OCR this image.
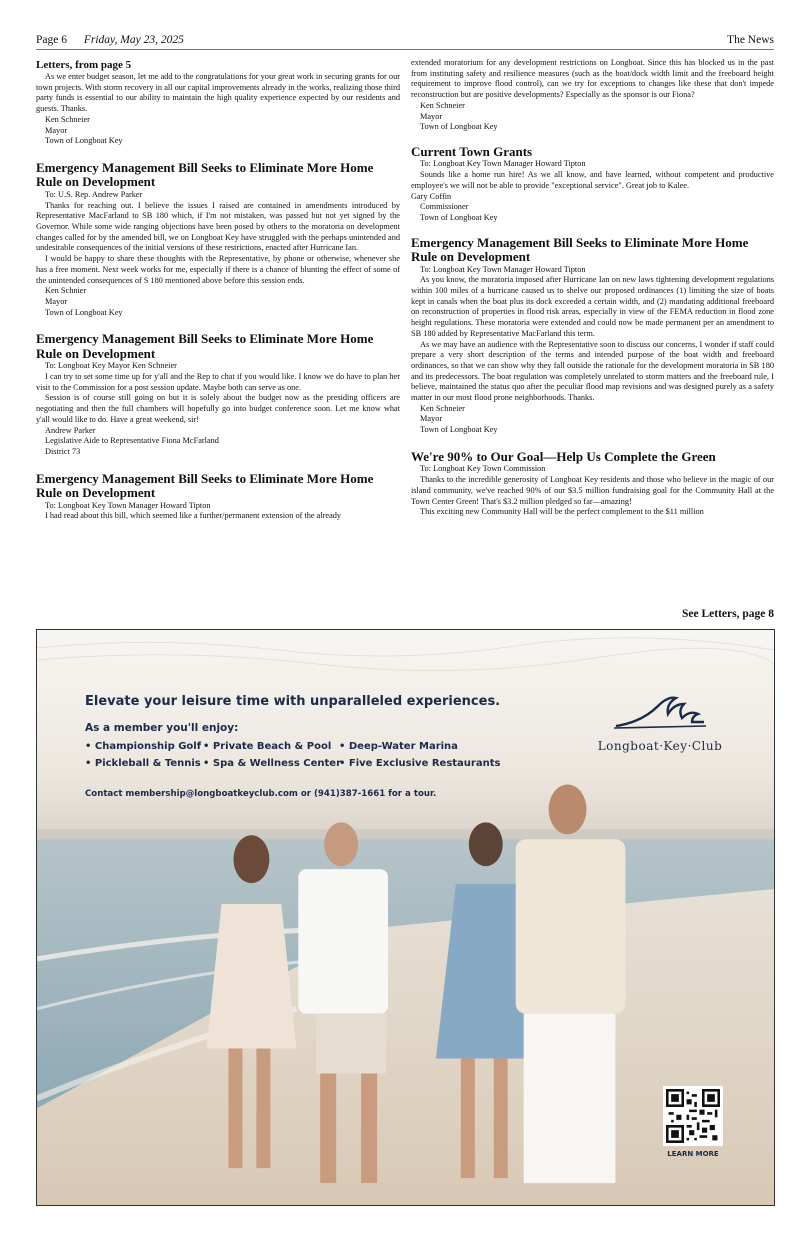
Page 6 Friday, May 23, 2025	The News
Letters, from page 5

As we enter budget season, let me add to the congratulations for your great work in securing grants for our town projects. With storm recovery in all our capital improvements already in the works, realizing those third party funds is essential to our ability to maintain the high quality experience expected by our residents and guests. Thanks.

Ken Schneier

Mayor

Town of Longboat Key

Emergency Management Bill Seeks to Eliminate More Home Rule on Development

To: U.S. Rep. Andrew Parker

Thanks for reaching out. I believe the issues I raised are contained in amendments introduced by Representative MacFarland to SB 180 which, if I'm not mistaken, was passed but not yet signed by the Governor. While some wide ranging objections have been posed by others to the moratoria on development changes called for by the amended bill, we on Longboat Key have struggled with the perhaps unintended and undesirable consequences of the initial versions of these restrictions, enacted after Hurricane Ian.

I would be happy to share these thoughts with the Representative, by phone or otherwise, whenever she has a free moment. Next week works for me, especially if there is a chance of blunting the effect of some of the unintended consequences of S 180 mentioned above before this session ends.

Ken Schnier

Mayor

Town of Longboat Key

Emergency Management Bill Seeks to Eliminate More Home Rule on Development

To: Longboat Key Mayor Ken Schneier

I can try to set some time up for y'all and the Rep to chat if you would like. I know we do have to plan her visit to the Commission for a post session update. Maybe both can serve as one.

Session is of course still going on but it is solely about the budget now as the presiding officers are negotiating and then the full chambers will hopefully go into budget conference soon. Let me know what y'all would like to do. Have a great weekend, sir!

Andrew Parker

Legislative Aide to Representative Fiona McFarland

District 73

Emergency Management Bill Seeks to Eliminate More Home Rule on Development

To: Longboat Key Town Manager Howard Tipton

I had read about this bill, which seemed like a further/permanent extension of the already

extended moratorium for any development restrictions on Longboat. Since this has blocked us in the past from instituting safety and resilience measures (such as the boat/dock width limit and the freeboard height requirement to improve flood control), can we try for exceptions to changes like these that don't impede reconstruction but are positive developments? Especially as the sponsor is our Fiona?

Ken Schneier

Mayor

Town of Longboat Key

Current Town Grants

To: Longboat Key Town Manager Howard Tipton

Sounds like a home run hire! As we all know, and have learned, without competent and productive employee's we will not be able to provide "exceptional service". Great job to Kalee.

Gary Coffin

Commissioner

Town of Longboat Key

Emergency Management Bill Seeks to Eliminate More Home Rule on Development

To: Longboat Key Town Manager Howard Tipton

As you know, the moratoria imposed after Hurricane Ian on new laws tightening development regulations within 100 miles of a hurricane caused us to shelve our proposed ordinances (1) limiting the size of boats kept in canals when the boat plus its dock exceeded a certain width, and (2) mandating additional freeboard on reconstruction of properties in flood risk areas, especially in view of the FEMA reduction in flood zone height regulations. These moratoria were extended and could now be made permanent per an amendment to SB 180 added by Representative MacFarland this term.

As we may have an audience with the Representative soon to discuss our concerns, I wonder if staff could prepare a very short description of the terms and intended purpose of the boat width and freeboard ordinances, so that we can show why they fall outside the rationale for the development moratoria in SB 180 and its predecessors. The boat regulation was completely unrelated to storm matters and the freeboard rule, I believe, maintained the status quo after the peculiar flood map revisions and was designed purely as a safety matter in our most flood prone neighborhoods. Thanks.

Ken Schneier

Mayor

Town of Longboat Key

We're 90% to Our Goal—Help Us Complete the Green

To: Longboat Key Town Commission

Thanks to the incredible generosity of Longboat Key residents and those who believe in the magic of our island community, we've reached 90% of our $3.5 million fundraising goal for the Community Hall at the Town Center Green! That's $3.2 million pledged so far—amazing!

This exciting new Community Hall will be the perfect complement to the $11 million

See Letters, page 8
Elevate your leisure time with unparalleled experiences.
As a member you'll enjoy:
• Championship Golf
• Pickleball & Tennis
• Private Beach & Pool
• Spa & Wellness Center
• Deep-Water Marina
• Five Exclusive Restaurants
Contact membership@longboatkeyclub.com or (941)387-1661 for a tour.
Longboat·Key·Club
LEARN MORE
